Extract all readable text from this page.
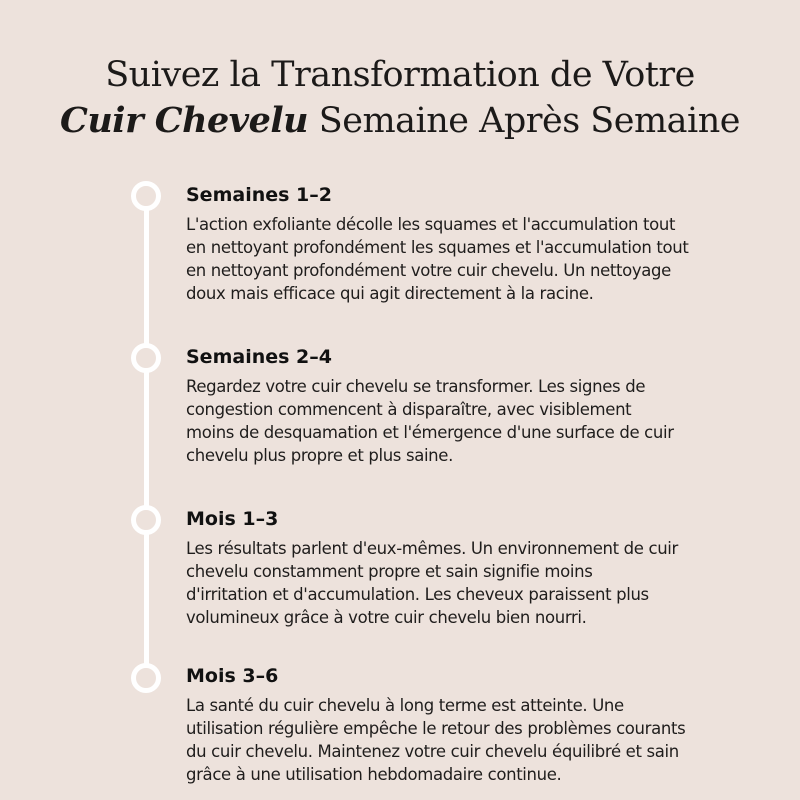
Suivez la Transformation de Votre
Cuir Chevelu Semaine Après Semaine
Semaines 1–2

L'action exfoliante décolle les squames et l'accumulation tout
en nettoyant profondément les squames et l'accumulation tout
en nettoyant profondément votre cuir chevelu. Un nettoyage
doux mais efficace qui agit directement à la racine.

Semaines 2–4

Regardez votre cuir chevelu se transformer. Les signes de
congestion commencent à disparaître, avec visiblement
moins de desquamation et l'émergence d'une surface de cuir
chevelu plus propre et plus saine.

Mois 1–3

Les résultats parlent d'eux-mêmes. Un environnement de cuir
chevelu constamment propre et sain signifie moins
d'irritation et d'accumulation. Les cheveux paraissent plus
volumineux grâce à votre cuir chevelu bien nourri.

Mois 3–6

La santé du cuir chevelu à long terme est atteinte. Une
utilisation régulière empêche le retour des problèmes courants
du cuir chevelu. Maintenez votre cuir chevelu équilibré et sain
grâce à une utilisation hebdomadaire continue.
